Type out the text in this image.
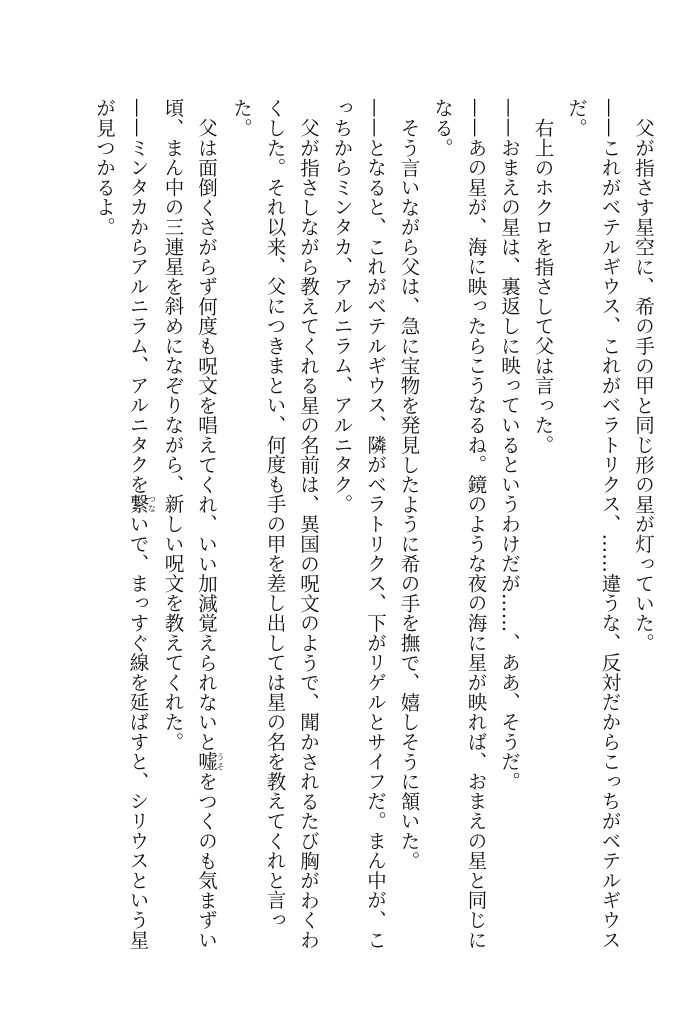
父が指さす星空に、希の手の甲と同じ形の星が灯っていた。
——これがベテルギウス、これがベラトリクス、……違うな、反対だからこっちがベテルギウスだ。
右上のホクロを指さして父は言った。
——おまえの星は、裏返しに映っているというわけだが……、ああ、そうだ。
——あの星が、海に映ったらこうなるね。鏡のような夜の海に星が映れば、おまえの星と同じになる。
そう言いながら父は、急に宝物を発見したように希の手を撫で、嬉しそうに頷いた。
——となると、これがベテルギウス、隣がベラトリクス、下がリゲルとサイフだ。まん中が、こっちからミンタカ、アルニラム、アルニタク。
父が指さしながら教えてくれる星の名前は、異国の呪文のようで、聞かされるたび胸がわくわくした。それ以来、父につきまとい、何度も手の甲を差し出しては星の名を教えてくれと言った。
父は面倒くさがらず何度も呪文を唱えてくれ、いい加減覚えられないと嘘うそをつくのも気まずい頃、まん中の三連星を斜めになぞりながら、新しい呪文を教えてくれた。
——ミンタカからアルニラム、アルニタクを繋つないで、まっすぐ線を延ばすと、シリウスという星が見つかるよ。
